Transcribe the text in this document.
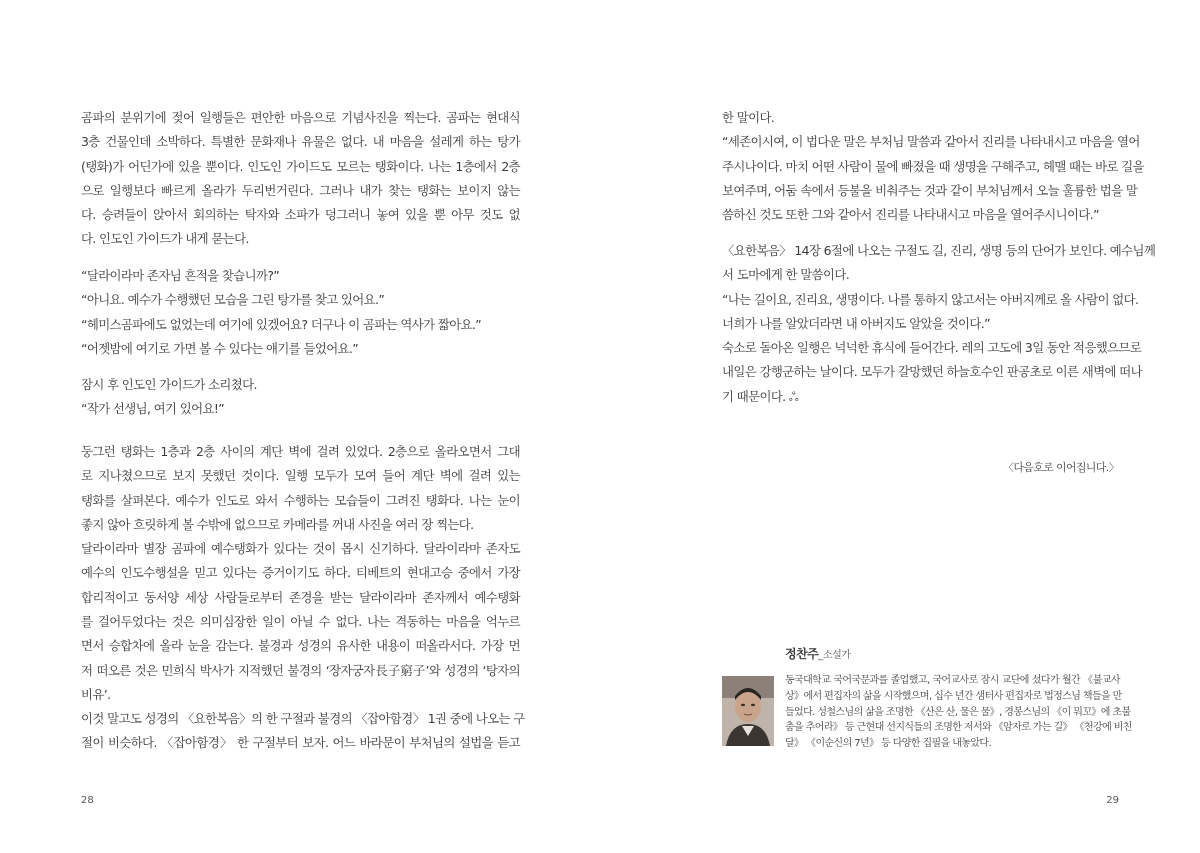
곰파의 분위기에 젖어 일행들은 편안한 마음으로 기념사진을 찍는다. 곰파는 현대식
3층 건물인데 소박하다. 특별한 문화재나 유물은 없다. 내 마음을 설레게 하는 탕가
(탱화)가 어딘가에 있을 뿐이다. 인도인 가이드도 모르는 탱화이다. 나는 1층에서 2층
으로 일행보다 빠르게 올라가 두리번거린다. 그러나 내가 찾는 탱화는 보이지 않는
다. 승려들이 앉아서 회의하는 탁자와 소파가 덩그러니 놓여 있을 뿐 아무 것도 없
다. 인도인 가이드가 내게 묻는다.
“달라이라마 존자님 흔적을 찾습니까?”
“아니요. 예수가 수행했던 모습을 그린 탕가를 찾고 있어요.”
“헤미스곰파에도 없었는데 여기에 있겠어요? 더구나 이 곰파는 역사가 짧아요.”
“어젯밤에 여기로 가면 볼 수 있다는 얘기를 들었어요.”
잠시 후 인도인 가이드가 소리쳤다.
“작가 선생님, 여기 있어요!”
둥그런 탱화는 1층과 2층 사이의 계단 벽에 걸려 있었다. 2층으로 올라오면서 그대
로 지나쳤으므로 보지 못했던 것이다. 일행 모두가 모여 들어 계단 벽에 걸려 있는
탱화를 살펴본다. 예수가 인도로 와서 수행하는 모습들이 그려진 탱화다. 나는 눈이
좋지 않아 흐릿하게 볼 수밖에 없으므로 카메라를 꺼내 사진을 여러 장 찍는다.
달라이라마 별장 곰파에 예수탱화가 있다는 것이 몹시 신기하다. 달라이라마 존자도
예수의 인도수행설을 믿고 있다는 증거이기도 하다. 티베트의 현대고승 중에서 가장
합리적이고 동서양 세상 사람들로부터 존경을 받는 달라이라마 존자께서 예수탱화
를 걸어두었다는 것은 의미심장한 일이 아닐 수 없다. 나는 격동하는 마음을 억누르
면서 승합차에 올라 눈을 감는다. 불경과 성경의 유사한 내용이 떠올라서다. 가장 먼
저 떠오른 것은 민희식 박사가 지적했던 불경의 ‘장자궁자長子窮子’와 성경의 ‘탕자의
비유’.
이것 말고도 성경의 〈요한복음〉의 한 구절과 불경의 〈잡아함경〉 1권 중에 나오는 구
절이 비슷하다. 〈잡아함경〉 한 구절부터 보자. 어느 바라문이 부처님의 설법을 듣고
28
한 말이다.
“세존이시여, 이 법다운 말은 부처님 말씀과 같아서 진리를 나타내시고 마음을 열어
주시나이다. 마치 어떤 사람이 물에 빠졌을 때 생명을 구해주고, 헤맬 때는 바로 길을
보여주며, 어둠 속에서 등불을 비춰주는 것과 같이 부처님께서 오늘 훌륭한 법을 말
씀하신 것도 또한 그와 같아서 진리를 나타내시고 마음을 열어주시니이다.”
〈요한복음〉 14장 6절에 나오는 구절도 길, 진리, 생명 등의 단어가 보인다. 예수님께
서 도마에게 한 말씀이다.
“나는 길이요, 진리요, 생명이다. 나를 통하지 않고서는 아버지께로 올 사람이 없다.
너희가 나를 알았더라면 내 아버지도 알았을 것이다.”
숙소로 돌아온 일행은 넉넉한 휴식에 들어간다. 레의 고도에 3일 동안 적응했으므로
내일은 강행군하는 날이다. 모두가 갈망했던 하늘호수인 판공초로 이른 새벽에 떠나
기 때문이다. ஃ
〈다음호로 이어집니다.〉
정찬주_소설가
동국대학교 국어국문과를 졸업했고, 국어교사로 잠시 교단에 섰다가 월간 《불교사
상》에서 편집자의 삶을 시작했으며, 십수 년간 샘터사 편집자로 법정스님 책들을 만
들었다. 성철스님의 삶을 조명한 《산은 산, 물은 물》, 경봉스님의 《이 뭐꼬》에 초불
춤을 추어라》 등 근현대 선지식들의 조명한 저서와 《암자로 가는 길》 《천강에 비친
달》 《이순신의 7년》 등 다양한 집필을 내놓았다.
29
